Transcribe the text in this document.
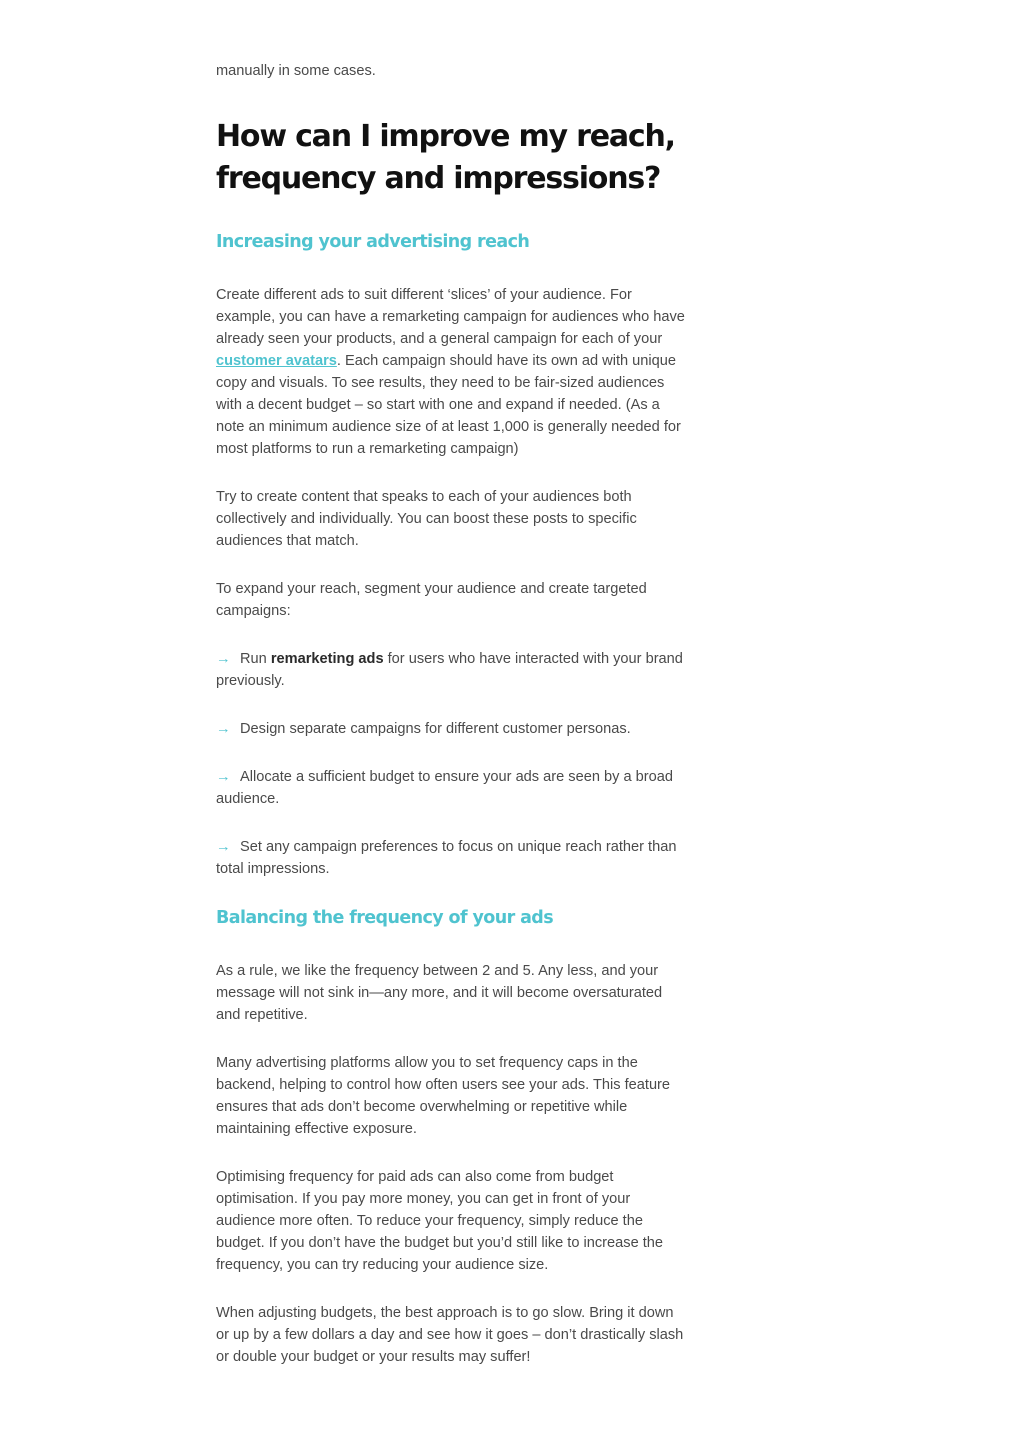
manually in some cases.

How can I improve my reach, frequency and impressions?
Increasing your advertising reach

Create different ads to suit different ‘slices’ of your audience. For example, you can have a remarketing campaign for audiences who have already seen your products, and a general campaign for each of your customer avatars. Each campaign should have its own ad with unique copy and visuals. To see results, they need to be fair-sized audiences with a decent budget – so start with one and expand if needed. (As a note an minimum audience size of at least 1,000 is generally needed for most platforms to run a remarketing campaign)

Try to create content that speaks to each of your audiences both collectively and individually. You can boost these posts to specific audiences that match.

To expand your reach, segment your audience and create targeted campaigns:

→ Run remarketing ads for users who have interacted with your brand previously.

→ Design separate campaigns for different customer personas.

→ Allocate a sufficient budget to ensure your ads are seen by a broad audience.

→ Set any campaign preferences to focus on unique reach rather than total impressions.

Balancing the frequency of your ads

As a rule, we like the frequency between 2 and 5. Any less, and your message will not sink in—any more, and it will become oversaturated and repetitive.

Many advertising platforms allow you to set frequency caps in the backend, helping to control how often users see your ads. This feature ensures that ads don’t become overwhelming or repetitive while maintaining effective exposure.

Optimising frequency for paid ads can also come from budget optimisation. If you pay more money, you can get in front of your audience more often. To reduce your frequency, simply reduce the budget. If you don’t have the budget but you’d still like to increase the frequency, you can try reducing your audience size.

When adjusting budgets, the best approach is to go slow. Bring it down or up by a few dollars a day and see how it goes – don’t drastically slash or double your budget or your results may suffer!
